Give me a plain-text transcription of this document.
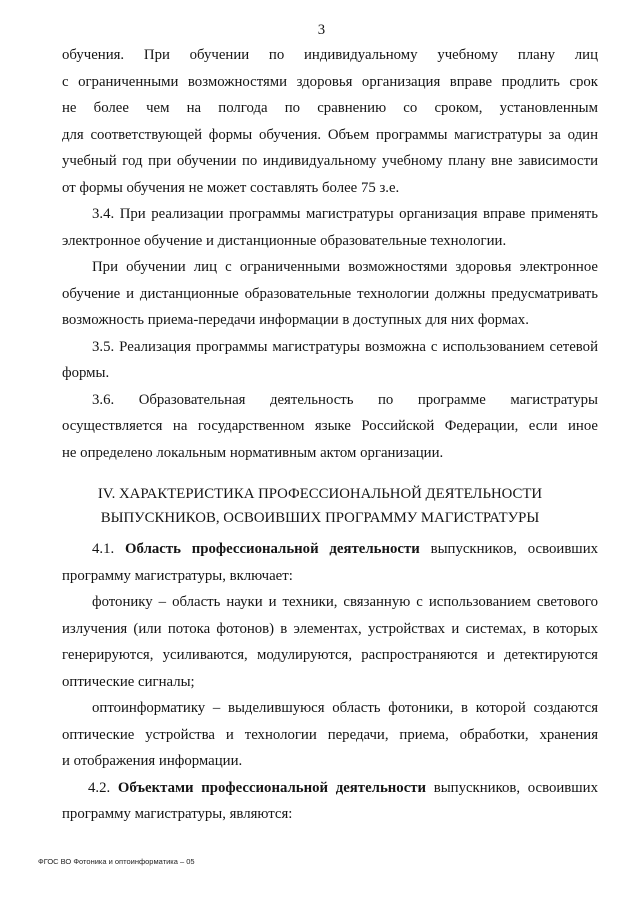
3
обучения. При обучении по индивидуальному учебному плану лиц
с ограниченными возможностями здоровья организация вправе продлить срок
не более чем на полгода по сравнению со сроком, установленным
для соответствующей формы обучения. Объем программы магистратуры за один
учебный год при обучении по индивидуальному учебному плану вне зависимости
от формы обучения не может составлять более 75 з.е.
3.4. При реализации программы магистратуры организация вправе применять
электронное обучение и дистанционные образовательные технологии.
При обучении лиц с ограниченными возможностями здоровья электронное
обучение и дистанционные образовательные технологии должны предусматривать
возможность приема-передачи информации в доступных для них формах.
3.5. Реализация программы магистратуры возможна с использованием сетевой
формы.
3.6. Образовательная деятельность по программе магистратуры
осуществляется на государственном языке Российской Федерации, если иное
не определено локальным нормативным актом организации.
IV. ХАРАКТЕРИСТИКА ПРОФЕССИОНАЛЬНОЙ ДЕЯТЕЛЬНОСТИ
ВЫПУСКНИКОВ, ОСВОИВШИХ ПРОГРАММУ МАГИСТРАТУРЫ
4.1. Область профессиональной деятельности выпускников, освоивших
программу магистратуры, включает:
фотонику – область науки и техники, связанную с использованием светового
излучения (или потока фотонов) в элементах, устройствах и системах, в которых
генерируются, усиливаются, модулируются, распространяются и детектируются
оптические сигналы;
оптоинформатику – выделившуюся область фотоники, в которой создаются
оптические устройства и технологии передачи, приема, обработки, хранения
и отображения информации.
4.2. Объектами профессиональной деятельности выпускников, освоивших
программу магистратуры, являются:
ФГОС ВО Фотоника и оптоинформатика – 05
